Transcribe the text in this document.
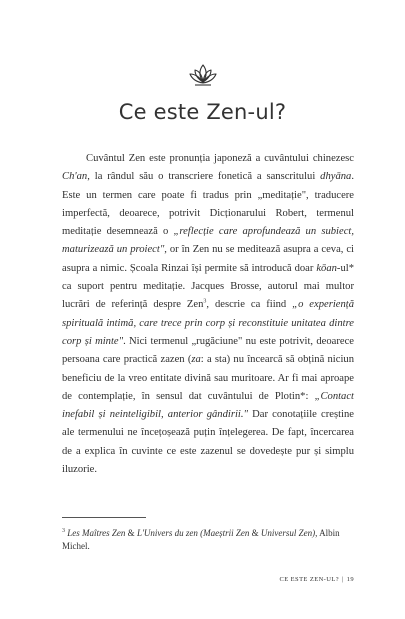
Ce este Zen-ul?

Cuvântul Zen este pronunția japoneză a cuvântului chinezesc Ch'an, la rândul său o transcriere fonetică a sanscritului dhyāna. Este un termen care poate fi tradus prin „meditație", traducere imperfectă, deoarece, potrivit Dicționarului Robert, termenul meditație desemnează o „reflecție care aprofundează un subiect, maturizează un proiect", or în Zen nu se meditează asupra a ceva, ci asupra a nimic. Școala Rinzai își permite să introducă doar kōan-ul* ca suport pentru meditație. Jacques Brosse, autorul mai multor lucrări de referință despre Zen$^3$, descrie ca fiind „o experiență spirituală intimă, care trece prin corp și reconstituie unitatea dintre corp și minte". Nici termenul „rugăciune" nu este potrivit, deoarece persoana care practică zazen (za: a sta) nu încearcă să obțină niciun beneficiu de la vreo entitate divină sau muritoare. Ar fi mai aproape de contemplație, în sensul dat cuvântului de Plotin*: „Contact inefabil și neinteligibil, anterior gândirii." Dar conotațiile creștine ale termenului ne încețoșează puțin înțelegerea. De fapt, încercarea de a explica în cuvinte ce este zazenul se dovedește pur și simplu iluzorie.

$^3$ Les Maîtres Zen & L'Univers du zen (Maeștrii Zen & Universul Zen), Albin Michel.
CE ESTE ZEN-UL? | 19
